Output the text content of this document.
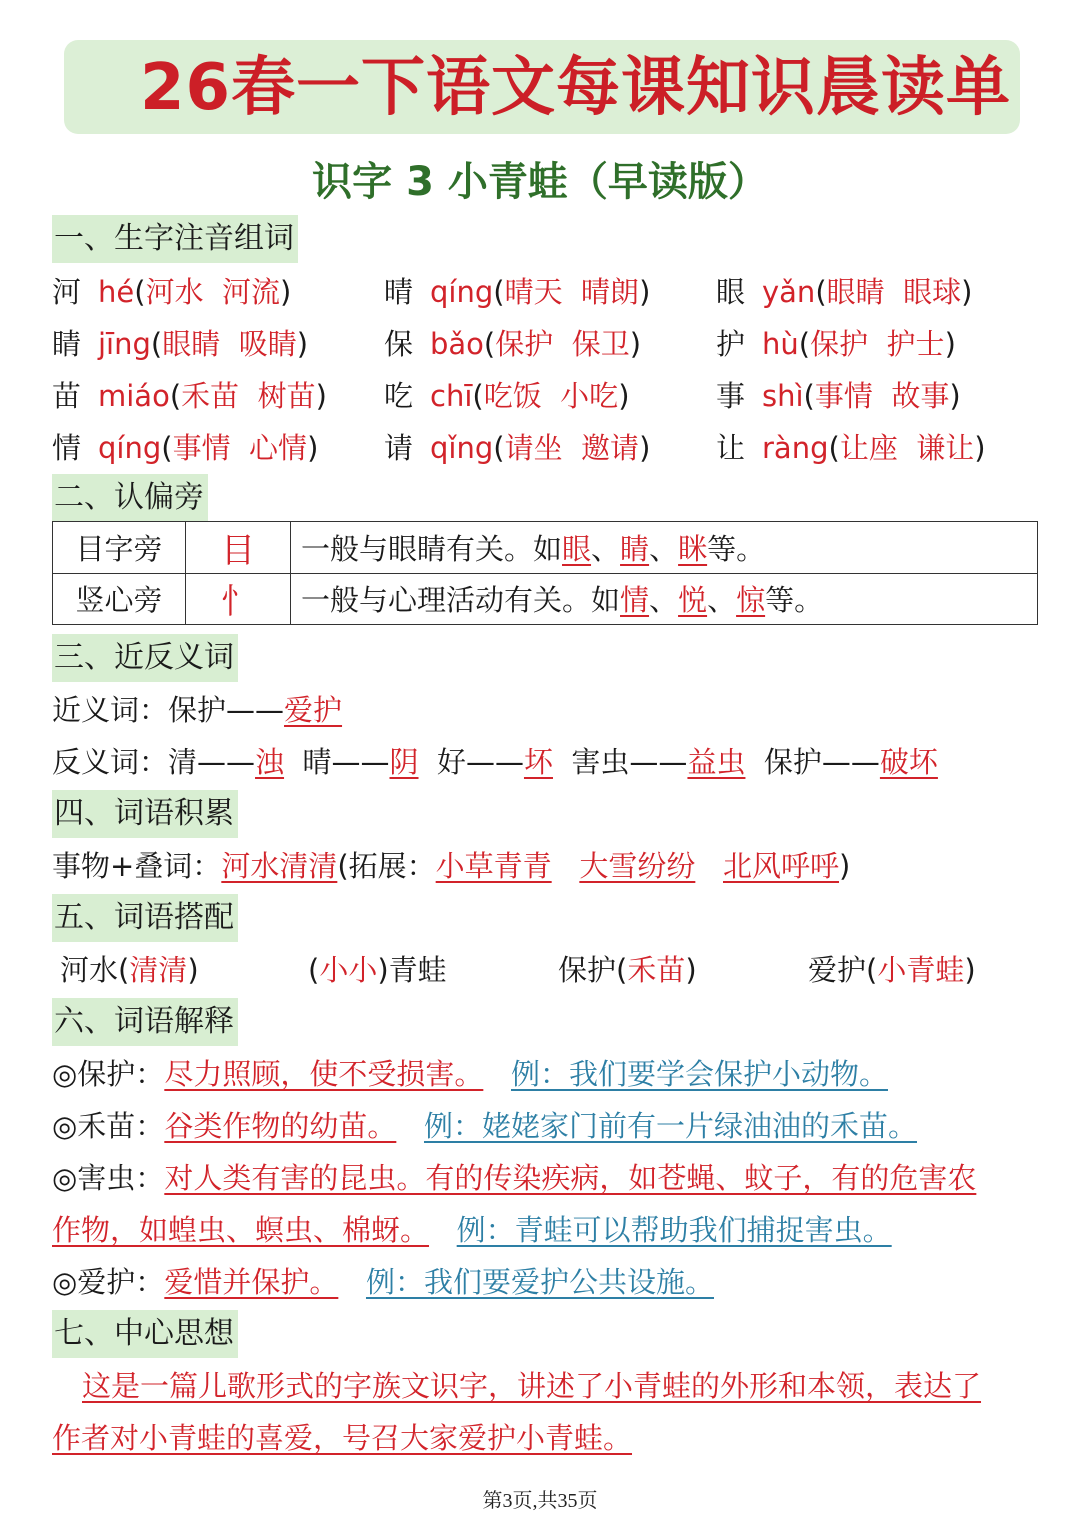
26春一下语文每课知识晨读单
识字 3 小青蛙（早读版）
一、生字注音组词
河 hé(河水 河流)	晴 qíng(晴天 晴朗) 眼 yǎn(眼睛 眼球)
睛 jīng(眼睛 吸睛)	保 bǎo(保护 保卫)	护 hù(保护 护士)
苗 miáo(禾苗 树苗) 吃 chī(吃饭 小吃)	事 shì(事情 故事)
情 qíng(事情 心情) 请 qǐng(请坐 邀请) 让 ràng(让座 谦让)
二、认偏旁
目字旁	目	一般与眼睛有关。如眼、睛、眯等。
竖心旁	忄	一般与心理活动有关。如情、悦、惊等。
三、近反义词
近义词：保护——爱护
反义词：清——浊 晴——阴 好——坏 害虫——益虫 保护——破坏
四、词语积累
事物+叠词：河水清清(拓展：小草青青 大雪纷纷 北风呼呼)
五、词语搭配
河水(清清)	(小小)青蛙	保护(禾苗)	爱护(小青蛙)
六、词语解释
◎保护：尽力照顾，使不受损害。 例：我们要学会保护小动物。
◎禾苗：谷类作物的幼苗。 例：姥姥家门前有一片绿油油的禾苗。
◎害虫：对人类有害的昆虫。有的传染疾病，如苍蝇、蚊子，有的危害农
作物，如蝗虫、螟虫、棉蚜。 例：青蛙可以帮助我们捕捉害虫。
◎爱护：爱惜并保护。 例：我们要爱护公共设施。
七、中心思想
这是一篇儿歌形式的字族文识字，讲述了小青蛙的外形和本领，表达了
作者对小青蛙的喜爱，号召大家爱护小青蛙。
第3页,共35页
